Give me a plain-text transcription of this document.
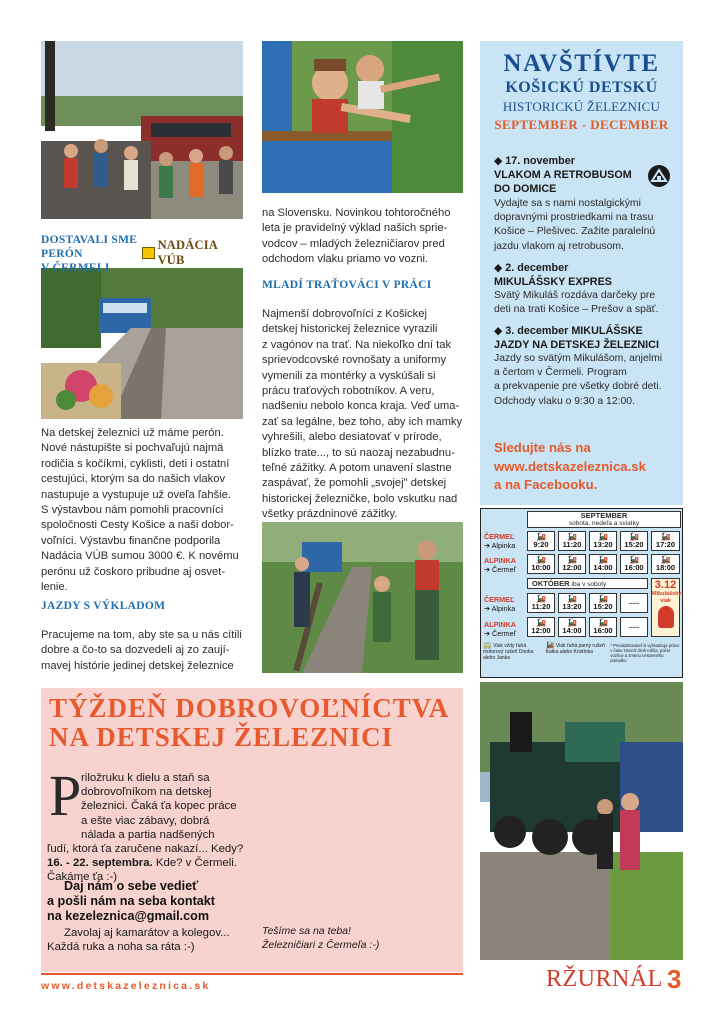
DOSTAVALI SME PERÓN
V ČERMELI
NADÁCIA VÚB

Na detskej železnici už máme perón.

Nové nástupište si pochvaľujú najmä

rodičia s kočíkmi, cyklisti, deti i ostatní

cestujúci, ktorým sa do našich vlakov

nastupuje a vystupuje už oveľa ľahšie.

S výstavbou nám pomohli pracovníci

spoločnosti Cesty Košice a naši dobor-

voľníci. Výstavbu finančne podporila

Nadácia VÚB sumou 3000 €. K novému

perónu už čoskoro pribudne aj osvet-

lenie.

JAZDY S VÝKLADOM

Pracujeme na tom, aby ste sa u nás cítili

dobre a čo-to sa dozvedeli aj zo zaují-

mavej histórie jedinej detskej železnice

na Slovensku. Novinkou tohtoročného

leta je pravidelný výklad našich sprie-

vodcov – mladých železničiarov pred

odchodom vlaku priamo vo vozni.

MLADÍ TRAŤOVÁCI V PRÁCI

Najmenší dobrovoľníci z Košickej

detskej historickej železnice vyrazili

z vagónov na trať. Na niekoľko dní tak

sprievodcovské rovnošaty a uniformy

vymenili za montérky a vyskúšali si

prácu traťových robotníkov. A veru,

nadšeniu nebolo konca kraja. Veď uma-

zať sa legálne, bez toho, aby ich mamky

vyhrešili, alebo desiatovať v prírode,

blízko trate..., to sú naozaj nezabudnu-

teľné zážitky. A potom unavení slastne

zaspávať, že pomohli „svojej" detskej

historickej železničke, bolo vskutku nad

všetky prázdninové zážitky.

NAVŠTÍVTE
KOŠICKÚ DETSKÚ
HISTORICKÚ ŽELEZNICU
SEPTEMBER - DECEMBER
◆ 17. november
VLAKOM A RETROBUSOM
DO DOMICE
Vydajte sa s nami nostalgickými
dopravnými prostriedkami na trasu
Košice – Plešivec. Zažite paralelnú
jazdu vlakom aj retrobusom.
◆ 2. december
MIKULÁŠSKY EXPRES
Svätý Mikuláš rozdáva darčeky pre
deti na trati Košice – Prešov a späť.
◆ 3. december MIKULÁŠSKE
JAZDY NA DETSKEJ ŽELEZNICI
Jazdy so svätým Mikulášom, anjelmi
a čertom v Čermeli. Program
a prekvapenie pre všetky dobré deti.
Odchody vlaku o 9:30 a 12:00.
Sledujte nás na
www.detskazeleznica.sk
a na Facebooku.
SEPTEMBER
sobota, nedeľa a sviatky
ČERMEĽ
➔ Alpinka
🚂
9:20
🚂
11:20
🚂
13:20
🚂
15:20
🚂
17:20
ALPINKA
➔ Čermeľ
🚂
10:00
🚂
12:00
🚂
14:00
🚂
16:00
🚂
18:00
OKTÓBER iba v soboty
ČERMEĽ
➔ Alpinka
🚂
11:20
🚂
13:20
🚂
15:20
.....
ALPINKA
➔ Čermeľ
🚂
12:00
🚂
14:00
🚂
16:00
.....
3.12
Mikulášsky vlak
🚃 Vlak vždy ťahá motorový rušeň Donka alebo Janka
🚂 Vlak ťahá parný rušeň Katka alebo Kristínka
* Prevádzkovateľ si vyhradzuje právo v času zmeniť druh rušňa, počet vozňov a zmenu cestovného poriadku
TÝŽDEŇ DOBROVOĽNÍCTVA
NA DETSKEJ ŽELEZNICI
P riložruku k dielu a staň sa
dobrovoľníkom na detskej
železnici. Čaká ťa kopec práce
a ešte viac zábavy, dobrá
nálada a partia nadšených
ľudí, ktorá ťa zaručene nakazí... Kedy?
16. - 22. septembra. Kde? v Čermeli.
Čakáme ťa :-)
Daj nám o sebe vedieť
a pošli nám na seba kontakt
na kezeleznica@gmail.com
Zavolaj aj kamarátov a kolegov...
Každá ruka a noha sa ráta :-)
Tešíme sa na teba!
Železničiari z Čermeľa :-)
www.detskazeleznica.sk	RŽURNÁL 3
